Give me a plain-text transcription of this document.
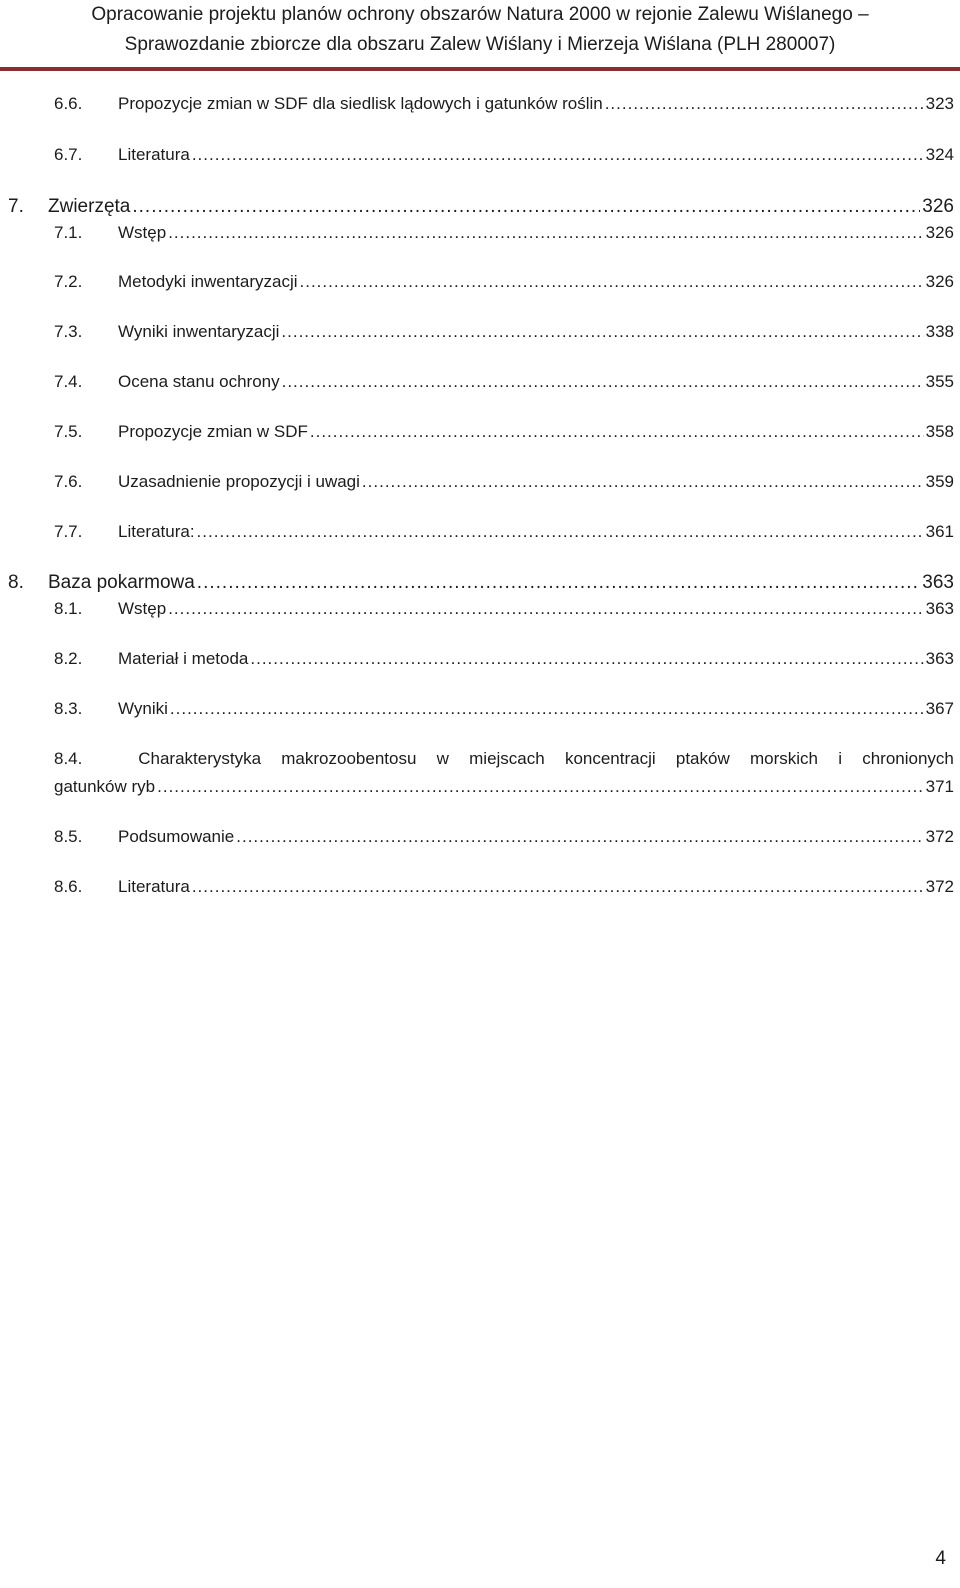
Opracowanie projektu planów ochrony obszarów Natura 2000 w rejonie Zalewu Wiślanego –
Sprawozdanie zbiorcze dla obszaru Zalew Wiślany i Mierzeja Wiślana (PLH 280007)
6.6.	Propozycje zmian w SDF dla siedlisk lądowych i gatunków roślin .....	323
6.7.	Literatura .....	324
7.	Zwierzęta .....	326
7.1.	Wstęp .....	326
7.2.	Metodyki inwentaryzacji .....	326
7.3.	Wyniki inwentaryzacji .....	338
7.4.	Ocena stanu ochrony .....	355
7.5.	Propozycje zmian w SDF .....	358
7.6.	Uzasadnienie propozycji i uwagi .....	359
7.7.	Literatura: .....	361
8.	Baza pokarmowa .....	363
8.1.	Wstęp .....	363
8.2.	Materiał i metoda .....	363
8.3.	Wyniki .....	367
8.4.	Charakterystyka makrozoobentosu w miejscach koncentracji ptaków morskich i chronionych
gatunków ryb .....	371
8.5.	Podsumowanie .....	372
8.6.	Literatura .....	372
4
